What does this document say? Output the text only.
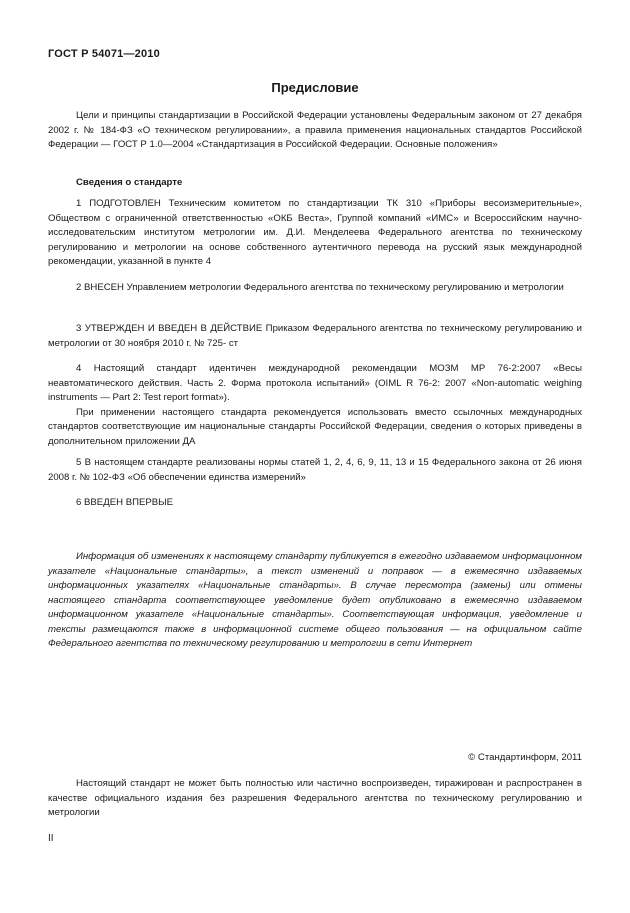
ГОСТ Р 54071—2010
Предисловие

Цели и принципы стандартизации в Российской Федерации установлены Федеральным законом от 27 декабря 2002 г. № 184-ФЗ «О техническом регулировании», а правила применения национальных стандартов Российской Федерации — ГОСТ Р 1.0—2004 «Стандартизация в Российской Федерации. Основные положения»

Сведения о стандарте

1 ПОДГОТОВЛЕН Техническим комитетом по стандартизации ТК 310 «Приборы весоизмерительные», Обществом с ограниченной ответственностью «ОКБ Веста», Группой компаний «ИМС» и Всероссийским научно-исследовательским институтом метрологии им. Д.И. Менделеева Федерального агентства по техническому регулированию и метрологии на основе собственного аутентичного перевода на русский язык международной рекомендации, указанной в пункте 4

2 ВНЕСЕН Управлением метрологии Федерального агентства по техническому регулированию и метрологии

3 УТВЕРЖДЕН И ВВЕДЕН В ДЕЙСТВИЕ Приказом Федерального агентства по техническому регулированию и метрологии от 30 ноября 2010 г. № 725- ст

4 Настоящий стандарт идентичен международной рекомендации МОЗМ МР 76-2:2007 «Весы неавтоматического действия. Часть 2. Форма протокола испытаний» (OIML R 76-2: 2007 «Non-automatic weighing instruments — Part 2: Test report format»).

При применении настоящего стандарта рекомендуется использовать вместо ссылочных международных стандартов соответствующие им национальные стандарты Российской Федерации, сведения о которых приведены в дополнительном приложении ДА

5 В настоящем стандарте реализованы нормы статей 1, 2, 4, 6, 9, 11, 13 и 15 Федерального закона от 26 июня 2008 г. № 102-ФЗ «Об обеспечении единства измерений»

6 ВВЕДЕН ВПЕРВЫЕ

Информация об изменениях к настоящему стандарту публикуется в ежегодно издаваемом информационном указателе «Национальные стандарты», а текст изменений и поправок — в ежемесячно издаваемых информационных указателях «Национальные стандарты». В случае пересмотра (замены) или отмены настоящего стандарта соответствующее уведомление будет опубликовано в ежемесячно издаваемом информационном указателе «Национальные стандарты». Соответствующая информация, уведомление и тексты размещаются также в информационной системе общего пользования — на официальном сайте Федерального агентства по техническому регулированию и метрологии в сети Интернет

© Стандартинформ, 2011

Настоящий стандарт не может быть полностью или частично воспроизведен, тиражирован и распространен в качестве официального издания без разрешения Федерального агентства по техническому регулированию и метрологии

II
